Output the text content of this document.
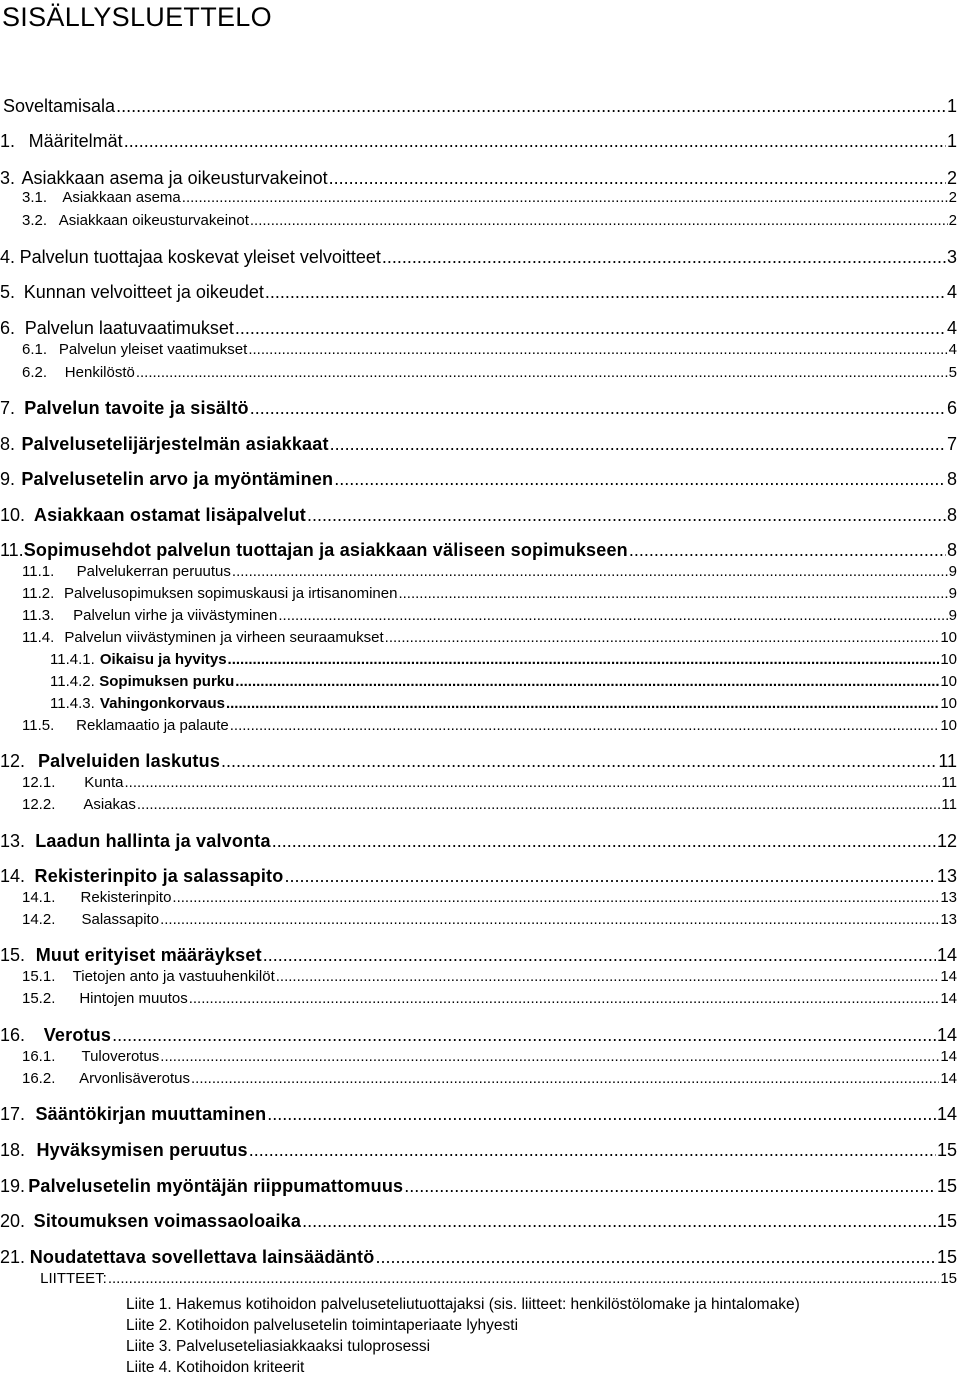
SISÄLLYSLUETTELO
Soveltamisala .....	1
1. Määritelmät .....	1
3. Asiakkaan asema ja oikeusturvakeinot .....	2
3.1.	Asiakkaan asema .....	2
3.2. Asiakkaan oikeusturvakeinot .....	2
4. Palvelun tuottajaa koskevat yleiset velvoitteet .....	3
5. Kunnan velvoitteet ja oikeudet .....	4
6. Palvelun laatuvaatimukset .....	4
6.1. Palvelun yleiset vaatimukset .....	4
6.2.	Henkilöstö .....	5
7. Palvelun tavoite ja sisältö .....	6
8. Palvelusetelijärjestelmän asiakkaat .....	7
9. Palvelusetelin arvo ja myöntäminen .....	8
10. Asiakkaan ostamat lisäpalvelut .....	8
11. Sopimusehdot palvelun tuottajan ja asiakkaan väliseen sopimukseen .....	8
11.1.	Palvelukerran peruutus .....	9
11.2. Palvelusopimuksen sopimuskausi ja irtisanominen .....	9
11.3.	Palvelun virhe ja viivästyminen .....	9
11.4. Palvelun viivästyminen ja virheen seuraamukset .....	10
11.4.1. Oikaisu ja hyvitys .....	10
11.4.2. Sopimuksen purku .....	10
11.4.3. Vahingonkorvaus .....	10
11.5.	Reklamaatio ja palaute .....	10
12. Palveluiden laskutus .....	11
12.1.	Kunta .....	11
12.2.	Asiakas .....	11
13. Laadun hallinta ja valvonta .....	12
14. Rekisterinpito ja salassapito .....	13
14.1.	Rekisterinpito .....	13
14.2.	Salassapito .....	13
15. Muut erityiset määräykset .....	14
15.1.	Tietojen anto ja vastuuhenkilöt .....	14
15.2.	Hintojen muutos .....	14
16.	Verotus .....	14
16.1.	Tuloverotus .....	14
16.2.	Arvonlisäverotus .....	14
17. Sääntökirjan muuttaminen .....	14
18. Hyväksymisen peruutus .....	15
19. Palvelusetelin myöntäjän riippumattomuus .....	15
20. Sitoumuksen voimassaoloaika .....	15
21. Noudatettava sovellettava lainsäädäntö .....	15
LIITTEET: .....	15
Liite 1. Hakemus kotihoidon palveluseteliutuottajaksi (sis. liitteet: henkilöstölomake ja hintalomake)
Liite 2. Kotihoidon palvelusetelin toimintaperiaate lyhyesti
Liite 3. Palveluseteliasiakkaaksi tuloprosessi
Liite 4. Kotihoidon kriteerit
